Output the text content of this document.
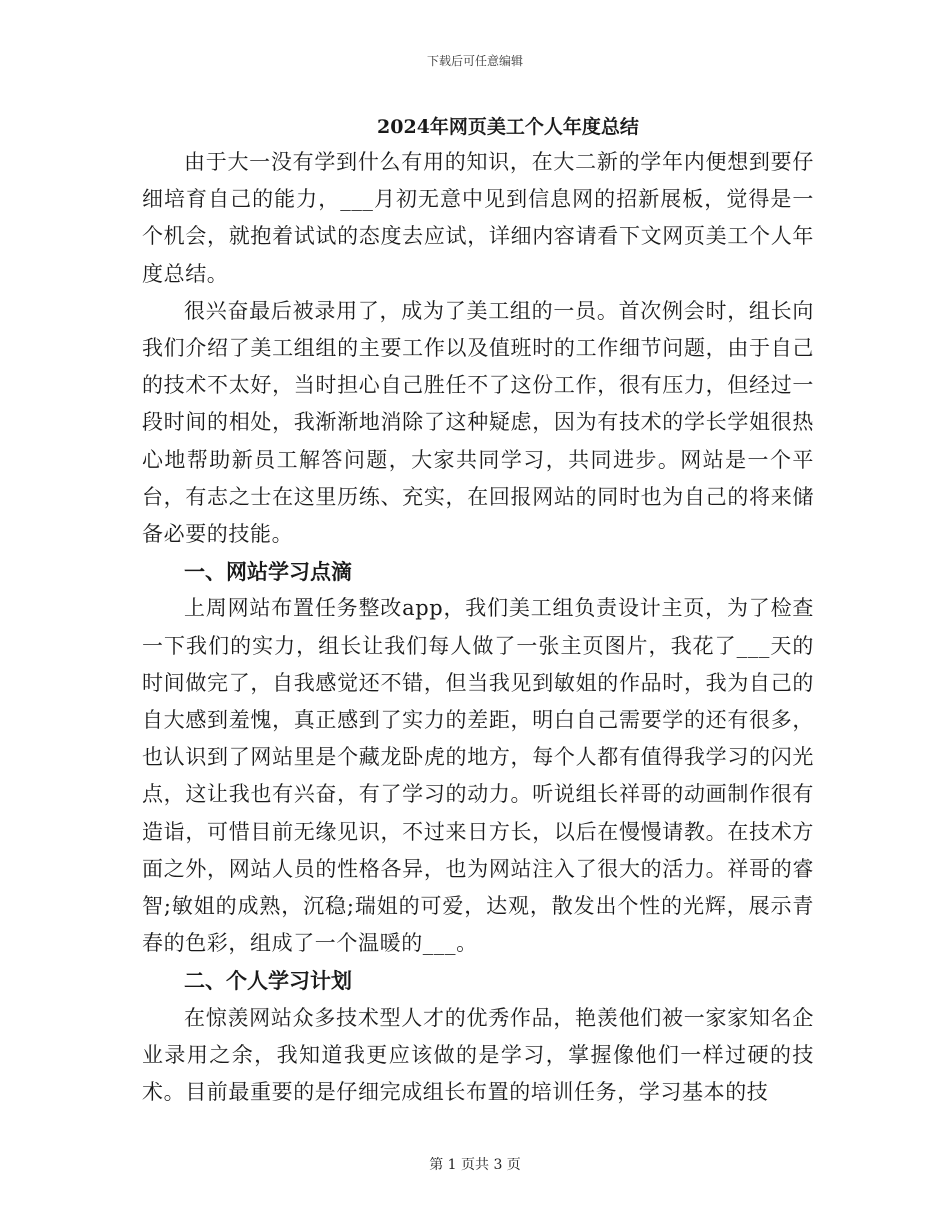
下载后可任意编辑
2024年网页美工个人年度总结

由于大一没有学到什么有用的知识，在大二新的学年内便想到要仔细培育自己的能力，___月初无意中见到信息网的招新展板，觉得是一个机会，就抱着试试的态度去应试，详细内容请看下文网页美工个人年度总结。

很兴奋最后被录用了，成为了美工组的一员。首次例会时，组长向我们介绍了美工组组的主要工作以及值班时的工作细节问题，由于自己的技术不太好，当时担心自己胜任不了这份工作，很有压力，但经过一段时间的相处，我渐渐地消除了这种疑虑，因为有技术的学长学姐很热心地帮助新员工解答问题，大家共同学习，共同进步。网站是一个平台，有志之士在这里历练、充实，在回报网站的同时也为自己的将来储备必要的技能。

一、网站学习点滴

上周网站布置任务整改app，我们美工组负责设计主页，为了检查一下我们的实力，组长让我们每人做了一张主页图片，我花了___天的时间做完了，自我感觉还不错，但当我见到敏姐的作品时，我为自己的自大感到羞愧，真正感到了实力的差距，明白自己需要学的还有很多，也认识到了网站里是个藏龙卧虎的地方，每个人都有值得我学习的闪光点，这让我也有兴奋，有了学习的动力。听说组长祥哥的动画制作很有造诣，可惜目前无缘见识，不过来日方长，以后在慢慢请教。在技术方面之外，网站人员的性格各异，也为网站注入了很大的活力。祥哥的睿智;敏姐的成熟，沉稳;瑞姐的可爱，达观，散发出个性的光辉，展示青春的色彩，组成了一个温暖的___。

二、个人学习计划

在惊羡网站众多技术型人才的优秀作品，艳羡他们被一家家知名企业录用之余，我知道我更应该做的是学习，掌握像他们一样过硬的技术。目前最重要的是仔细完成组长布置的培训任务，学习基本的技

第 1 页共 3 页
